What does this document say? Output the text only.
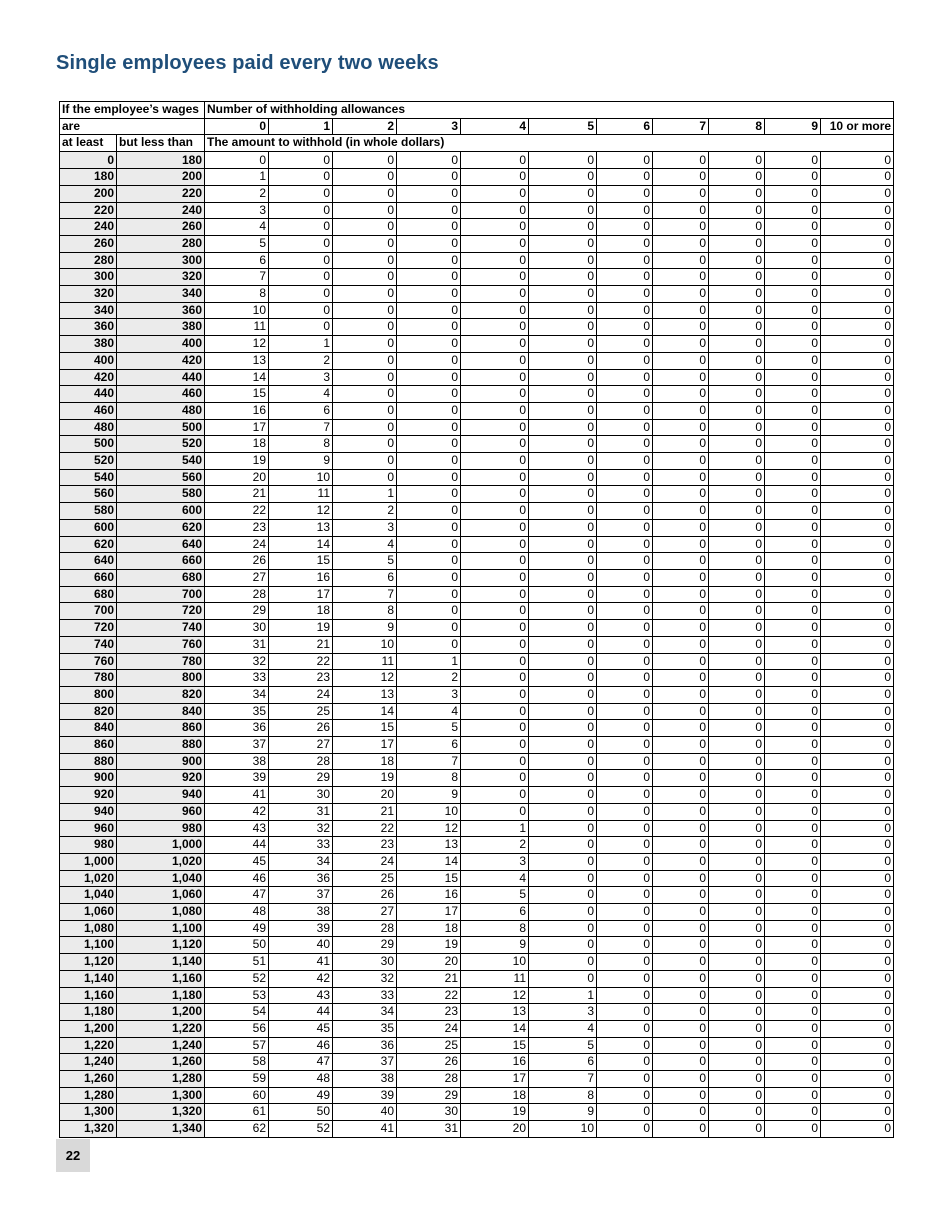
Single employees paid every two weeks
If the employee’s wages		Number of withholding allowances										
are		0	1	2	3	4	5	6	7	8	9	10 or more
at least	but less than	The amount to withhold (in whole dollars)										
0	180	0	0	0	0	0	0	0	0	0	0	0
180	200	1	0	0	0	0	0	0	0	0	0	0
200	220	2	0	0	0	0	0	0	0	0	0	0
220	240	3	0	0	0	0	0	0	0	0	0	0
240	260	4	0	0	0	0	0	0	0	0	0	0
260	280	5	0	0	0	0	0	0	0	0	0	0
280	300	6	0	0	0	0	0	0	0	0	0	0
300	320	7	0	0	0	0	0	0	0	0	0	0
320	340	8	0	0	0	0	0	0	0	0	0	0
340	360	10	0	0	0	0	0	0	0	0	0	0
360	380	11	0	0	0	0	0	0	0	0	0	0
380	400	12	1	0	0	0	0	0	0	0	0	0
400	420	13	2	0	0	0	0	0	0	0	0	0
420	440	14	3	0	0	0	0	0	0	0	0	0
440	460	15	4	0	0	0	0	0	0	0	0	0
460	480	16	6	0	0	0	0	0	0	0	0	0
480	500	17	7	0	0	0	0	0	0	0	0	0
500	520	18	8	0	0	0	0	0	0	0	0	0
520	540	19	9	0	0	0	0	0	0	0	0	0
540	560	20	10	0	0	0	0	0	0	0	0	0
560	580	21	11	1	0	0	0	0	0	0	0	0
580	600	22	12	2	0	0	0	0	0	0	0	0
600	620	23	13	3	0	0	0	0	0	0	0	0
620	640	24	14	4	0	0	0	0	0	0	0	0
640	660	26	15	5	0	0	0	0	0	0	0	0
660	680	27	16	6	0	0	0	0	0	0	0	0
680	700	28	17	7	0	0	0	0	0	0	0	0
700	720	29	18	8	0	0	0	0	0	0	0	0
720	740	30	19	9	0	0	0	0	0	0	0	0
740	760	31	21	10	0	0	0	0	0	0	0	0
760	780	32	22	11	1	0	0	0	0	0	0	0
780	800	33	23	12	2	0	0	0	0	0	0	0
800	820	34	24	13	3	0	0	0	0	0	0	0
820	840	35	25	14	4	0	0	0	0	0	0	0
840	860	36	26	15	5	0	0	0	0	0	0	0
860	880	37	27	17	6	0	0	0	0	0	0	0
880	900	38	28	18	7	0	0	0	0	0	0	0
900	920	39	29	19	8	0	0	0	0	0	0	0
920	940	41	30	20	9	0	0	0	0	0	0	0
940	960	42	31	21	10	0	0	0	0	0	0	0
960	980	43	32	22	12	1	0	0	0	0	0	0
980	1,000	44	33	23	13	2	0	0	0	0	0	0
1,000	1,020	45	34	24	14	3	0	0	0	0	0	0
1,020	1,040	46	36	25	15	4	0	0	0	0	0	0
1,040	1,060	47	37	26	16	5	0	0	0	0	0	0
1,060	1,080	48	38	27	17	6	0	0	0	0	0	0
1,080	1,100	49	39	28	18	8	0	0	0	0	0	0
1,100	1,120	50	40	29	19	9	0	0	0	0	0	0
1,120	1,140	51	41	30	20	10	0	0	0	0	0	0
1,140	1,160	52	42	32	21	11	0	0	0	0	0	0
1,160	1,180	53	43	33	22	12	1	0	0	0	0	0
1,180	1,200	54	44	34	23	13	3	0	0	0	0	0
1,200	1,220	56	45	35	24	14	4	0	0	0	0	0
1,220	1,240	57	46	36	25	15	5	0	0	0	0	0
1,240	1,260	58	47	37	26	16	6	0	0	0	0	0
1,260	1,280	59	48	38	28	17	7	0	0	0	0	0
1,280	1,300	60	49	39	29	18	8	0	0	0	0	0
1,300	1,320	61	50	40	30	19	9	0	0	0	0	0
1,320	1,340	62	52	41	31	20	10	0	0	0	0	0
22
